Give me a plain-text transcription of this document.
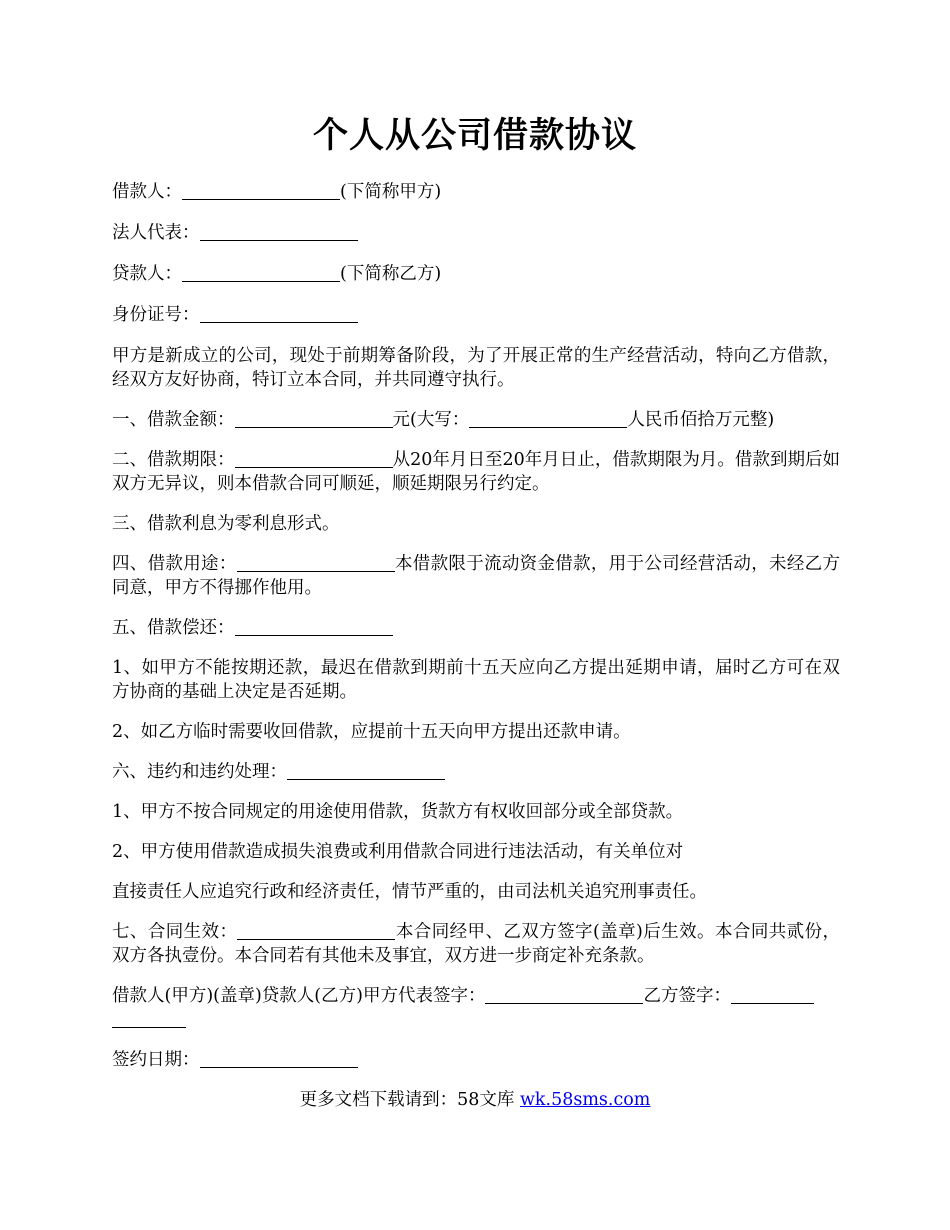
个人从公司借款协议

借款人：	(下简称甲方)

法人代表：

贷款人：	(下简称乙方)

身份证号：

甲方是新成立的公司，现处于前期筹备阶段，为了开展正常的生产经营活动，特向乙方借款，经双方友好协商，特订立本合同，并共同遵守执行。

一、借款金额：	元(大写：	人民币佰拾万元整)

二、借款期限：	从20年月日至20年月日止，借款期限为月。借款到期后如双方无异议，则本借款合同可顺延，顺延期限另行约定。

三、借款利息为零利息形式。

四、借款用途：	本借款限于流动资金借款，用于公司经营活动，未经乙方同意，甲方不得挪作他用。

五、借款偿还：

1、如甲方不能按期还款，最迟在借款到期前十五天应向乙方提出延期申请，届时乙方可在双方协商的基础上决定是否延期。

2、如乙方临时需要收回借款，应提前十五天向甲方提出还款申请。

六、违约和违约处理：

1、甲方不按合同规定的用途使用借款，货款方有权收回部分或全部贷款。

2、甲方使用借款造成损失浪费或利用借款合同进行违法活动，有关单位对

直接责任人应追究行政和经济责任，情节严重的，由司法机关追究刑事责任。

七、合同生效：	本合同经甲、乙双方签字(盖章)后生效。本合同共贰份，双方各执壹份。本合同若有其他未及事宜，双方进一步商定补充条款。

借款人(甲方)(盖章)贷款人(乙方)甲方代表签字：	乙方签字：

签约日期：

更多文档下载请到：58文库 wk.58sms.com
